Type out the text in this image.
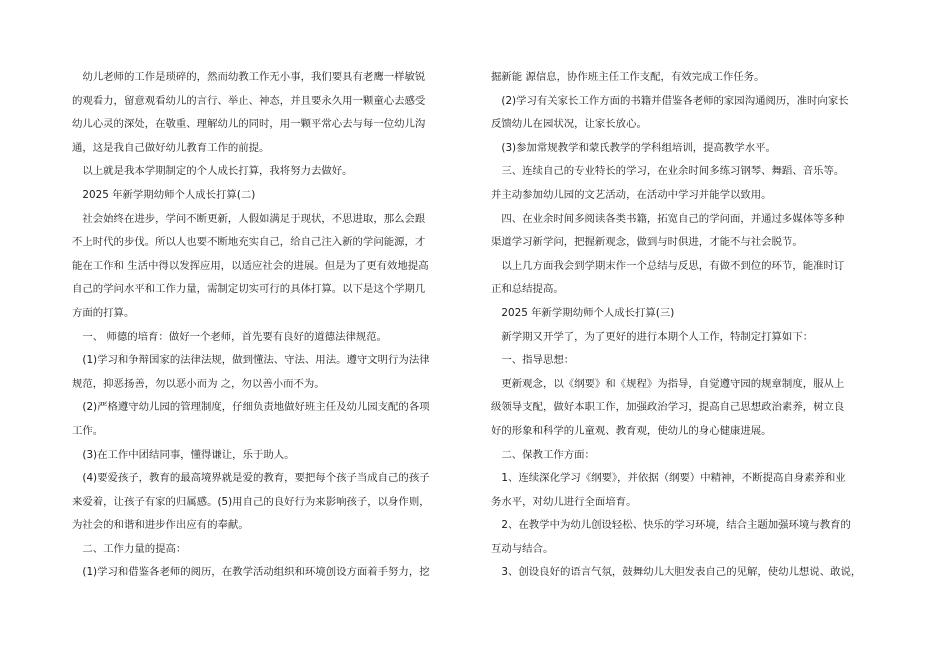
　幼儿老师的工作是琐碎的，然而幼教工作无小事，我们要具有老鹰一样敏锐
的观看力，留意观看幼儿的言行、举止、神态，并且要永久用一颗童心去感受
幼儿心灵的深处，在敬重、理解幼儿的同时，用一颗平常心去与每一位幼儿沟
通，这是我自己做好幼儿教育工作的前提。
　以上就是我本学期制定的个人成长打算，我将努力去做好。
　2025 年新学期幼师个人成长打算(二)
　社会始终在进步，学问不断更新，人假如满足于现状，不思进取，那么会跟
不上时代的步伐。所以人也要不断地充实自己，给自己注入新的学问能源，才
能在工作和 生活中得以发挥应用，以适应社会的进展。但是为了更有效地提高
自己的学问水平和工作力量，需制定切实可行的具体打算。以下是这个学期几
方面的打算。
　一、 师德的培育：做好一个老师，首先要有良好的道德法律规范。
　(1)学习和争辩国家的法律法规，做到懂法、守法、用法。遵守文明行为法律
规范，抑恶扬善，勿以恶小而为 之，勿以善小而不为。
　(2)严格遵守幼儿园的管理制度，仔细负责地做好班主任及幼儿园支配的各项
工作。
　(3)在工作中团结同事，懂得谦让，乐于助人。
　(4)要爱孩子，教育的最高境界就是爱的教育，要把每个孩子当成自己的孩子
来爱着，让孩子有家的归属感。(5)用自己的良好行为来影响孩子，以身作则，
为社会的和谐和进步作出应有的奉献。
　二、工作力量的提高：
　(1)学习和借鉴各老师的阅历，在教学活动组织和环境创设方面着手努力，挖
掘新能 源信息，协作班主任工作支配，有效完成工作任务。
　(2)学习有关家长工作方面的书籍并借鉴各老师的家园沟通阅历，准时向家长
反馈幼儿在园状况，让家长放心。
　(3)参加常规教学和蒙氏教学的学科组培训，提高教学水平。
　三、连续自己的专业特长的学习，在业余时间多练习钢琴、舞蹈、音乐等。
并主动参加幼儿园的文艺活动，在活动中学习并能学以致用。
　四、在业余时间多阅读各类书籍，拓宽自己的学问面，并通过多媒体等多种
渠道学习新学问，把握新观念，做到与时俱进，才能不与社会脱节。
　以上几方面我会到学期末作一个总结与反思，有做不到位的环节，能准时订
正和总结提高。
　2025 年新学期幼师个人成长打算(三)
　新学期又开学了，为了更好的进行本期个人工作，特制定打算如下：
　一、指导思想：
　更新观念，以《纲要》和《规程》为指导，自觉遵守园的规章制度，服从上
级领导支配，做好本职工作，加强政治学习，提高自己思想政治素养，树立良
好的形象和科学的儿童观、教育观，使幼儿的身心健康进展。
　二、保教工作方面：
　1、连续深化学习《纲要》，并依据（纲要）中精神，不断提高自身素养和业
务水平，对幼儿进行全面培育。
　2、在教学中为幼儿创设轻松、快乐的学习环境，结合主题加强环境与教育的
互动与结合。
　3、创设良好的语言气氛，鼓舞幼儿大胆发表自己的见解，使幼儿想说、敢说，
